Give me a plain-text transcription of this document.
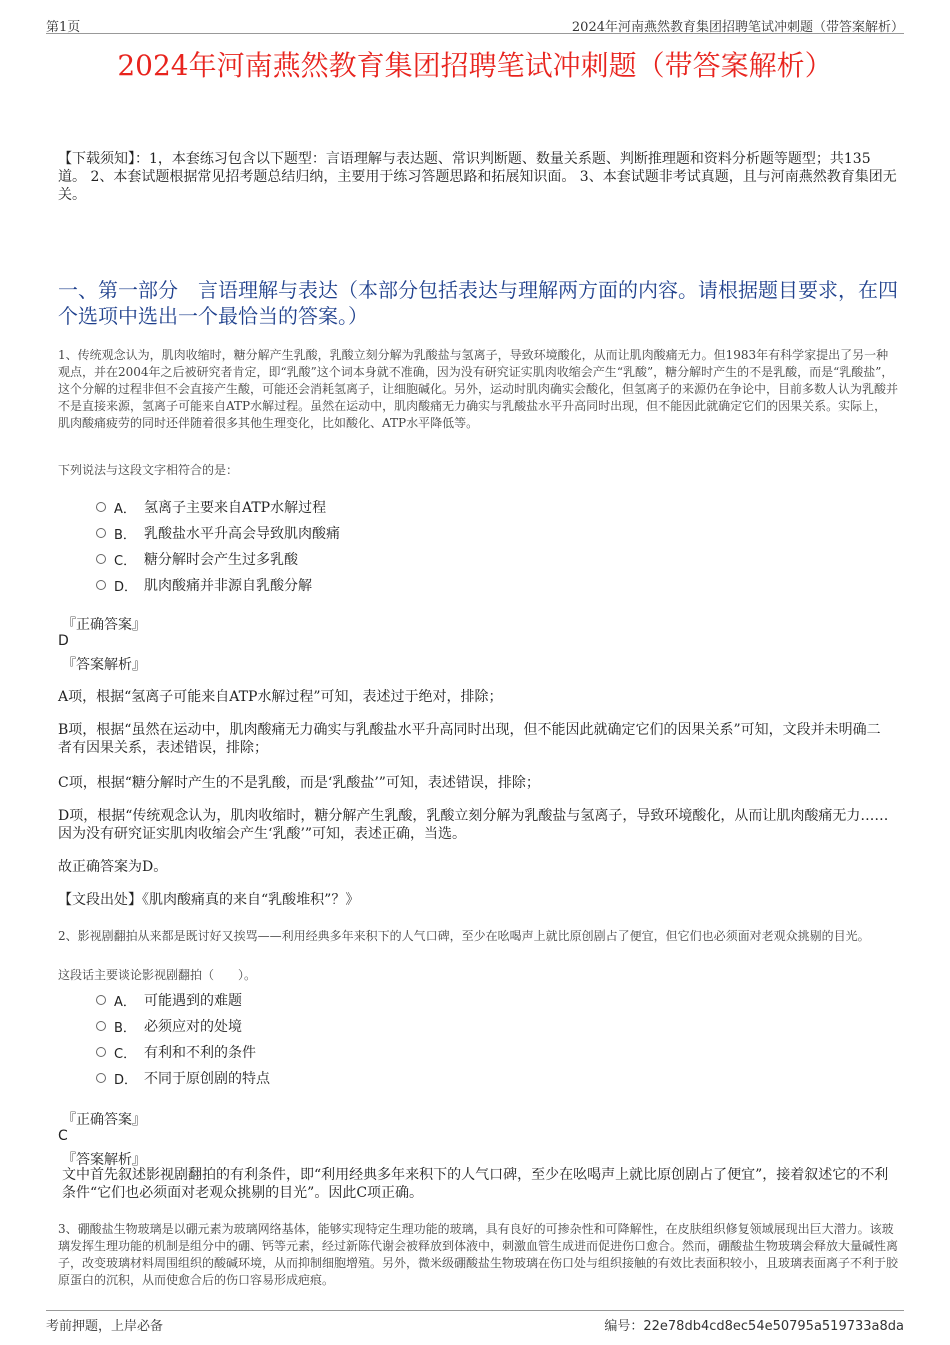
第1页	2024年河南燕然教育集团招聘笔试冲刺题（带答案解析）
2024年河南燕然教育集团招聘笔试冲刺题（带答案解析）
【下载须知】：1，本套练习包含以下题型：言语理解与表达题、常识判断题、数量关系题、判断推理题和资料分析题等题型；共135道。 2、本套试题根据常见招考题总结归纳，主要用于练习答题思路和拓展知识面。 3、本套试题非考试真题，且与河南燕然教育集团无关。
一、第一部分　言语理解与表达（本部分包括表达与理解两方面的内容。请根据题目要求，在四个选项中选出一个最恰当的答案。）
1、传统观念认为，肌肉收缩时，糖分解产生乳酸，乳酸立刻分解为乳酸盐与氢离子，导致环境酸化，从而让肌肉酸痛无力。但1983年有科学家提出了另一种观点，并在2004年之后被研究者肯定，即“乳酸”这个词本身就不准确，因为没有研究证实肌肉收缩会产生“乳酸”，糖分解时产生的不是乳酸，而是“乳酸盐”，这个分解的过程非但不会直接产生酸，可能还会消耗氢离子，让细胞碱化。另外，运动时肌肉确实会酸化，但氢离子的来源仍在争论中，目前多数人认为乳酸并不是直接来源，氢离子可能来自ATP水解过程。虽然在运动中，肌肉酸痛无力确实与乳酸盐水平升高同时出现，但不能因此就确定它们的因果关系。实际上，肌肉酸痛疲劳的同时还伴随着很多其他生理变化，比如酸化、ATP水平降低等。
下列说法与这段文字相符合的是：
A． 氢离子主要来自ATP水解过程
B． 乳酸盐水平升高会导致肌肉酸痛
C． 糖分解时会产生过多乳酸
D． 肌肉酸痛并非源自乳酸分解
『正确答案』
D
『答案解析』
A项，根据“氢离子可能来自ATP水解过程”可知，表述过于绝对，排除；
B项，根据“虽然在运动中，肌肉酸痛无力确实与乳酸盐水平升高同时出现，但不能因此就确定它们的因果关系”可知，文段并未明确二者有因果关系，表述错误，排除；
C项，根据“糖分解时产生的不是乳酸，而是‘乳酸盐’”可知，表述错误，排除；
D项，根据“传统观念认为，肌肉收缩时，糖分解产生乳酸，乳酸立刻分解为乳酸盐与氢离子，导致环境酸化，从而让肌肉酸痛无力……因为没有研究证实肌肉收缩会产生‘乳酸’”可知，表述正确，当选。
故正确答案为D。
【文段出处】《肌肉酸痛真的来自“乳酸堆积”？》
2、影视剧翻拍从来都是既讨好又挨骂——利用经典多年来积下的人气口碑，至少在吆喝声上就比原创剧占了便宜，但它们也必须面对老观众挑剔的目光。
这段话主要谈论影视剧翻拍（　　）。
A． 可能遇到的难题
B． 必须应对的处境
C． 有利和不利的条件
D． 不同于原创剧的特点
『正确答案』
C
『答案解析』
文中首先叙述影视剧翻拍的有利条件，即“利用经典多年来积下的人气口碑，至少在吆喝声上就比原创剧占了便宜”，接着叙述它的不利条件“它们也必须面对老观众挑剔的目光”。因此C项正确。
3、硼酸盐生物玻璃是以硼元素为玻璃网络基体，能够实现特定生理功能的玻璃，具有良好的可掺杂性和可降解性，在皮肤组织修复领域展现出巨大潜力。该玻璃发挥生理功能的机制是组分中的硼、钙等元素，经过新陈代谢会被释放到体液中，刺激血管生成进而促进伤口愈合。然而，硼酸盐生物玻璃会释放大量碱性离子，改变玻璃材料周围组织的酸碱环境，从而抑制细胞增殖。另外，微米级硼酸盐生物玻璃在伤口处与组织接触的有效比表面积较小，且玻璃表面离子不利于胶原蛋白的沉积，从而使愈合后的伤口容易形成疤痕。
考前押题，上岸必备	编号：22e78db4cd8ec54e50795a519733a8da
